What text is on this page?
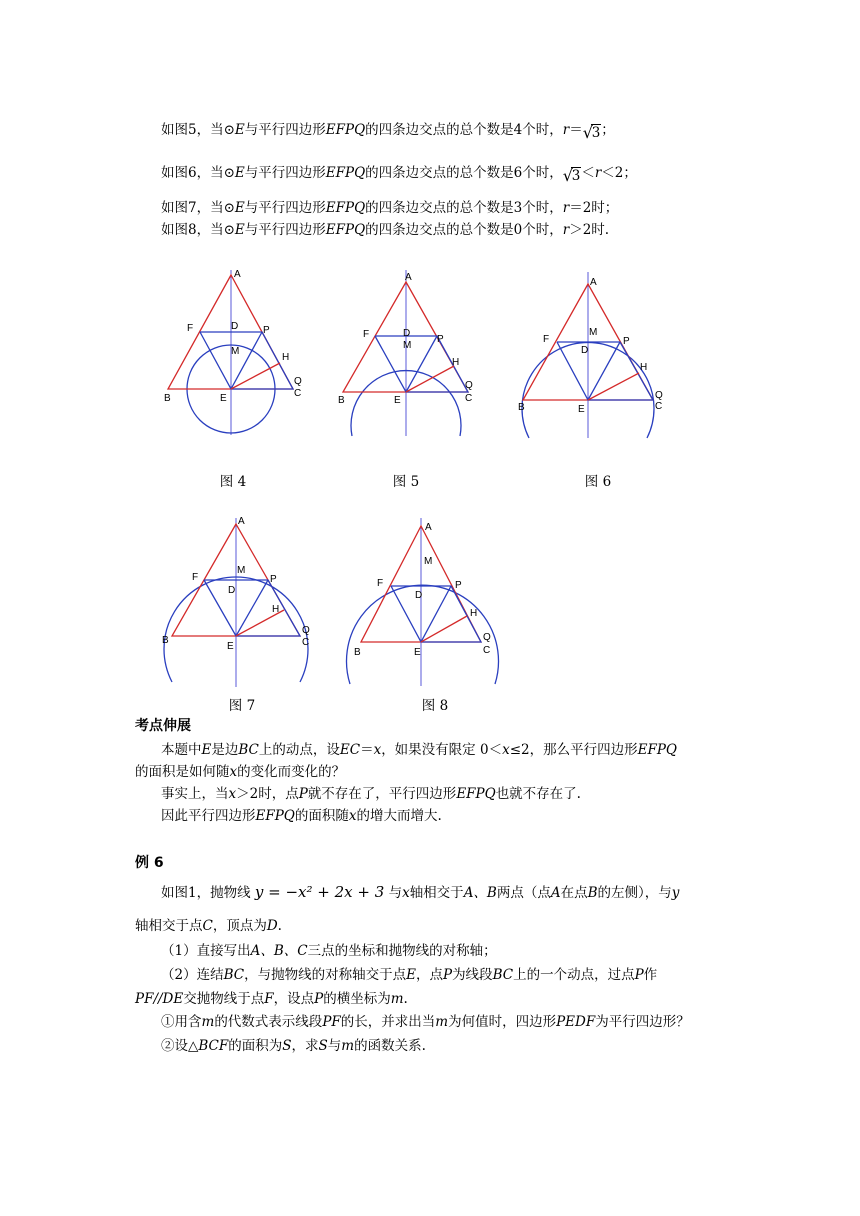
如图5，当⊙E与平行四边形EFPQ的四条边交点的总个数是4个时，r＝ √
3；
如图6，当⊙E与平行四边形EFPQ的四条边交点的总个数是6个时， √
3＜r＜2；
如图7，当⊙E与平行四边形EFPQ的四条边交点的总个数是3个时，r＝2时；
如图8，当⊙E与平行四边形EFPQ的四条边交点的总个数是0个时，r＞2时.
A
F	D P
M
H
Q
C
B	E
图 4
A
F	D
P
M
H
Q
C
B	E
图 5
A
F
M
D
P
H
Q
C
B	E
图 6
A
F
M
D
P
H
Q
C
B
E
图 7
A
M
F
D
P
H
Q
C
B	E
图 8
考点伸展
本题中E是边BC上的动点，设EC＝x，如果没有限定 0＜x≤2，那么平行四边形EFPQ
的面积是如何随x的变化而变化的？
事实上，当x＞2时，点P就不存在了，平行四边形EFPQ也就不存在了.
因此平行四边形EFPQ的面积随x的增大而增大.
例 6
如图1，抛物线 y = −x² + 2x + 3 与x轴相交于A、B两点（点A在点B的左侧），与y
轴相交于点C，顶点为D.
（1）直接写出A、B、C三点的坐标和抛物线的对称轴；
（2）连结BC，与抛物线的对称轴交于点E，点P为线段BC上的一个动点，过点P作
PF//DE交抛物线于点F，设点P的横坐标为m.
①用含m的代数式表示线段PF的长，并求出当m为何值时，四边形PEDF为平行四边形？
②设△BCF的面积为S，求S与m的函数关系.
